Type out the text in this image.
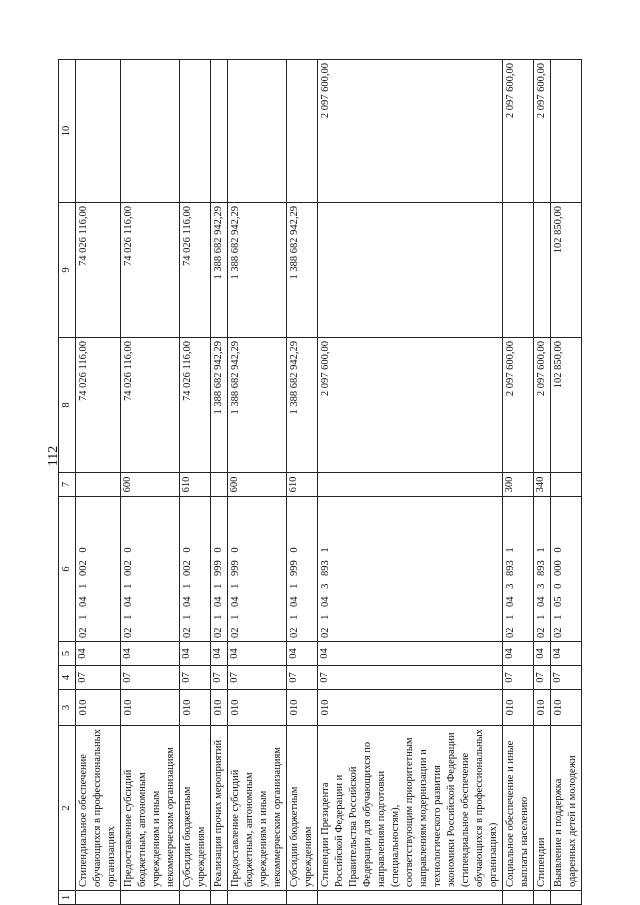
112
1	2	3	4	5	6	7	8	9	10
	Стипендиальное обеспечение обучающихся в профессиональных организациях	010	07	04	02 1 04 1 002 0		74 026 116,00	74 026 116,00	
	Предоставление субсидий бюджетным, автономным учреждениям и иным некоммерческим организациям	010	07	04	02 1 04 1 002 0	600	74 026 116,00	74 026 116,00	
	Субсидии бюджетным учреждениям	010	07	04	02 1 04 1 002 0	610	74 026 116,00	74 026 116,00	
	Реализация прочих мероприятий	010	07	04	02 1 04 1 999 0		1 388 682 942,29	1 388 682 942,29	
	Предоставление субсидий бюджетным, автономным учреждениям и иным некоммерческим организациям	010	07	04	02 1 04 1 999 0	600	1 388 682 942,29	1 388 682 942,29	
	Субсидии бюджетным учреждениям	010	07	04	02 1 04 1 999 0	610	1 388 682 942,29	1 388 682 942,29	
	Стипендии Президента Российской Федерации и Правительства Российской Федерации для обучающихся по направлениям подготовки (специальностям), соответствующим приоритетным направлениям модернизации и технологического развития экономики Российской Федерации (стипендиальное обеспечение обучающихся в профессиональных организациях)	010	07	04	02 1 04 3 893 1		2 097 600,00		2 097 600,00
	Социальное обеспечение и иные выплаты населению	010	07	04	02 1 04 3 893 1	300	2 097 600,00		2 097 600,00
	Стипендии	010	07	04	02 1 04 3 893 1	340	2 097 600,00		2 097 600,00
	Выявление и поддержка одаренных детей и молодежи	010	07	04	02 1 05 0 000 0		102 850,00	102 850,00	
